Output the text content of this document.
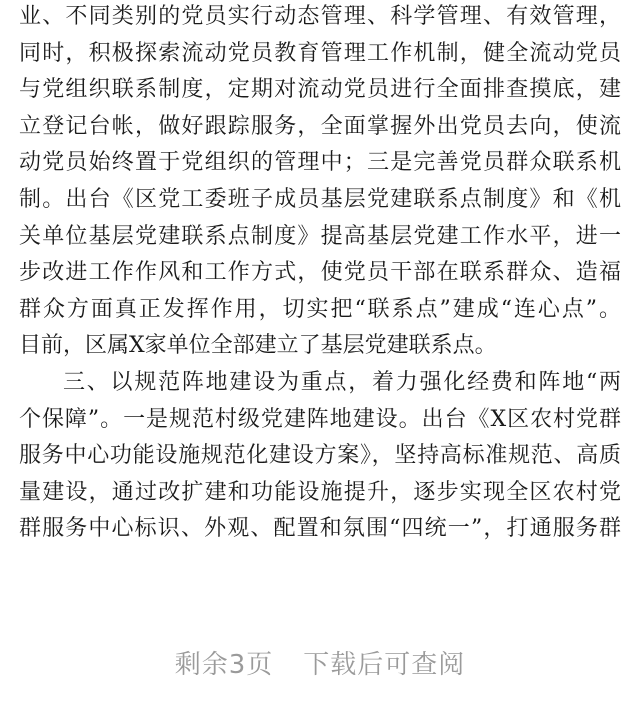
业、不同类别的党员实行动态管理、科学管理、有效管理，
同时，积极探索流动党员教育管理工作机制，健全流动党员
与党组织联系制度，定期对流动党员进行全面排查摸底，建
立登记台帐，做好跟踪服务，全面掌握外出党员去向，使流
动党员始终置于党组织的管理中；三是完善党员群众联系机
制。出台《区党工委班子成员基层党建联系点制度》和《机
关单位基层党建联系点制度》提高基层党建工作水平，进一
步改进工作作风和工作方式，使党员干部在联系群众、造福
群众方面真正发挥作用，切实把“联系点”建成“连心点”。
目前，区属X家单位全部建立了基层党建联系点。
三、以规范阵地建设为重点，着力强化经费和阵地“两
个保障”。一是规范村级党建阵地建设。出台《X区农村党群
服务中心功能设施规范化建设方案》，坚持高标准规范、高质
量建设，通过改扩建和功能设施提升，逐步实现全区农村党
群服务中心标识、外观、配置和氛围“四统一”，打通服务群
剩余3页 下载后可查阅
